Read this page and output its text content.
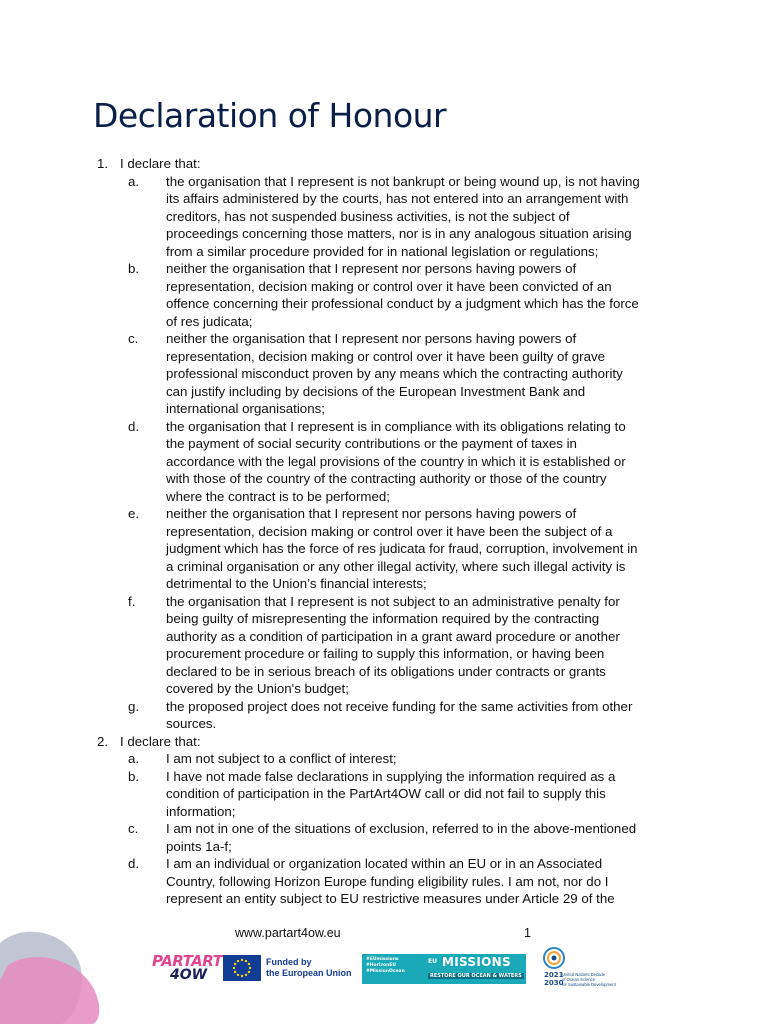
Declaration of Honour
1. I declare that:
a. the organisation that I represent is not bankrupt or being wound up, is not having
its affairs administered by the courts, has not entered into an arrangement with
creditors, has not suspended business activities, is not the subject of
proceedings concerning those matters, nor is in any analogous situation arising
from a similar procedure provided for in national legislation or regulations;
b. neither the organisation that I represent nor persons having powers of
representation, decision making or control over it have been convicted of an
offence concerning their professional conduct by a judgment which has the force
of res judicata;
c. neither the organisation that I represent nor persons having powers of
representation, decision making or control over it have been guilty of grave
professional misconduct proven by any means which the contracting authority
can justify including by decisions of the European Investment Bank and
international organisations;
d. the organisation that I represent is in compliance with its obligations relating to
the payment of social security contributions or the payment of taxes in
accordance with the legal provisions of the country in which it is established or
with those of the country of the contracting authority or those of the country
where the contract is to be performed;
e. neither the organisation that I represent nor persons having powers of
representation, decision making or control over it have been the subject of a
judgment which has the force of res judicata for fraud, corruption, involvement in
a criminal organisation or any other illegal activity, where such illegal activity is
detrimental to the Union’s financial interests;
f. the organisation that I represent is not subject to an administrative penalty for
being guilty of misrepresenting the information required by the contracting
authority as a condition of participation in a grant award procedure or another
procurement procedure or failing to supply this information, or having been
declared to be in serious breach of its obligations under contracts or grants
covered by the Union's budget;
g. the proposed project does not receive funding for the same activities from other
sources.
2. I declare that:
a. I am not subject to a conflict of interest;
b. I have not made false declarations in supplying the information required as a
condition of participation in the PartArt4OW call or did not fail to supply this
information;
c. I am not in one of the situations of exclusion, referred to in the above-mentioned
points 1a-f;
d. I am an individual or organization located within an EU or in an Associated
Country, following Horizon Europe funding eligibility rules. I am not, nor do I
represent an entity subject to EU restrictive measures under Article 29 of the
www.partart4ow.eu	1
PARTART
4OW
Funded by
the European Union
#EUmissions
#HorizonEU
#MissionOcean
EU MISSIONS
RESTORE OUR OCEAN & WATERS	2021
2030
United Nations Decade
of Ocean Science
for Sustainable Development
